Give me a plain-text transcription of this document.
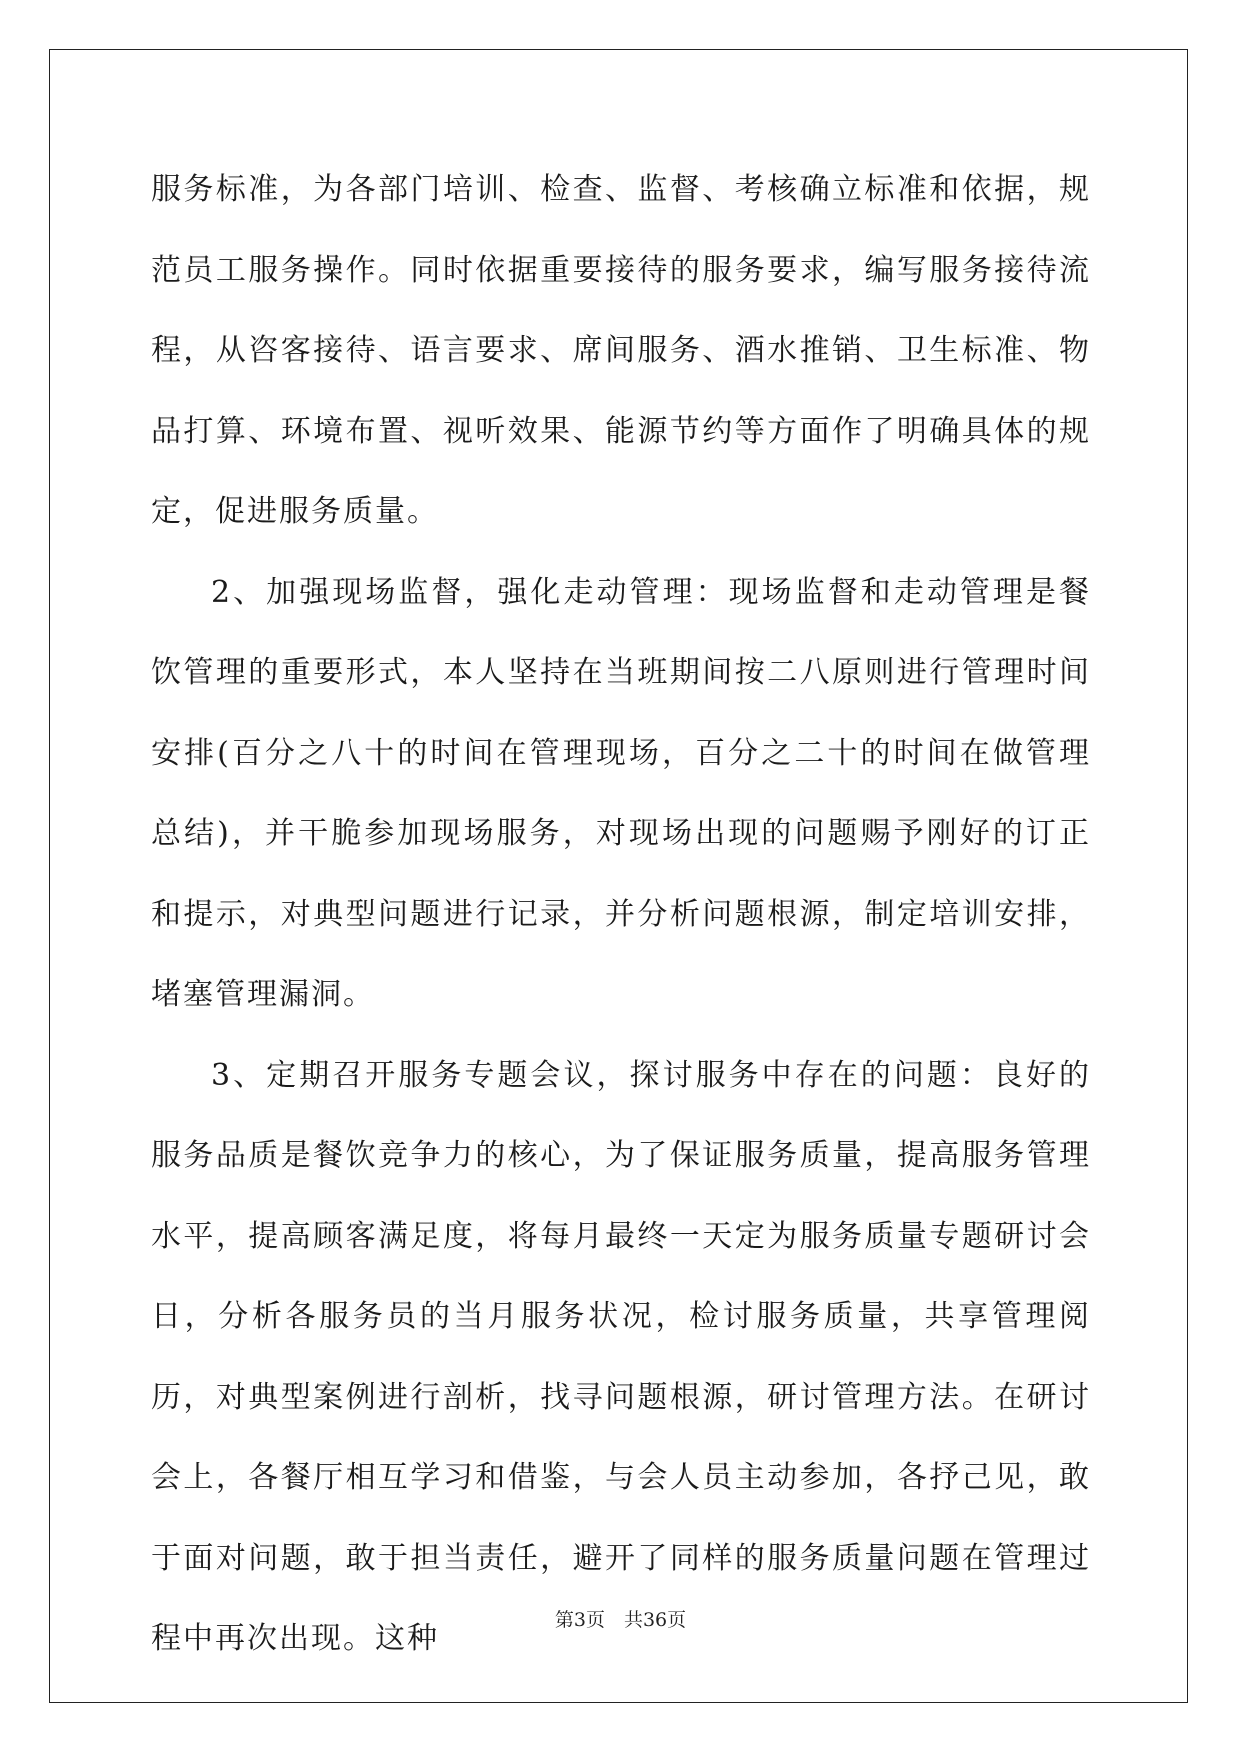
服务标准，为各部门培训、检查、监督、考核确立标准和依据，规范员工服务操作。同时依据重要接待的服务要求，编写服务接待流程，从咨客接待、语言要求、席间服务、酒水推销、卫生标准、物品打算、环境布置、视听效果、能源节约等方面作了明确具体的规定，促进服务质量。

2、加强现场监督，强化走动管理：现场监督和走动管理是餐饮管理的重要形式，本人坚持在当班期间按二八原则进行管理时间安排(百分之八十的时间在管理现场，百分之二十的时间在做管理总结)，并干脆参加现场服务，对现场出现的问题赐予刚好的订正和提示，对典型问题进行记录，并分析问题根源，制定培训安排，堵塞管理漏洞。

3、定期召开服务专题会议，探讨服务中存在的问题：良好的服务品质是餐饮竞争力的核心，为了保证服务质量，提高服务管理水平，提高顾客满足度，将每月最终一天定为服务质量专题研讨会日，分析各服务员的当月服务状况，检讨服务质量，共享管理阅历，对典型案例进行剖析，找寻问题根源，研讨管理方法。在研讨会上，各餐厅相互学习和借鉴，与会人员主动参加，各抒己见，敢于面对问题，敢于担当责任，避开了同样的服务质量问题在管理过程中再次出现。这种

第3页　共36页
